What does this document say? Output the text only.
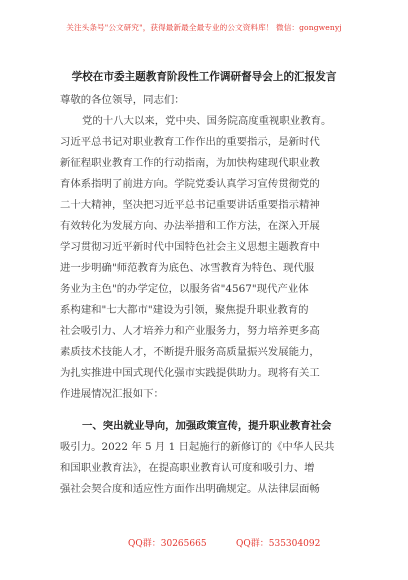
关注头条号"公文研究"，获得最新最全最专业的公文资料库！ 微信：gongwenyj
学校在市委主题教育阶段性工作调研督导会上的汇报发言
尊敬的各位领导，同志们：
党的十八大以来，党中央、国务院高度重视职业教育。
习近平总书记对职业教育工作作出的重要指示，是新时代
新征程职业教育工作的行动指南，为加快构建现代职业教
育体系指明了前进方向。学院党委认真学习宣传贯彻党的
二十大精神，坚决把习近平总书记重要讲话重要指示精神
有效转化为发展方向、办法举措和工作方法，在深入开展
学习贯彻习近平新时代中国特色社会主义思想主题教育中
进一步明确"师范教育为底色、冰雪教育为特色、现代服
务业为主色"的办学定位，以服务省"4567"现代产业体
系构建和"七大都市"建设为引领，聚焦提升职业教育的
社会吸引力、人才培养力和产业服务力，努力培养更多高
素质技术技能人才，不断提升服务高质量振兴发展能力，
为扎实推进中国式现代化强市实践提供助力。现将有关工
作进展情况汇报如下：
一、突出就业导向，加强政策宣传，提升职业教育社会
吸引力。2022 年 5 月 1 日起施行的新修订的《中华人民共
和国职业教育法》，在提高职业教育认可度和吸引力、增
强社会契合度和适应性方面作出明确规定。从法律层面畅
QQ群：30265665	QQ群：535304092
